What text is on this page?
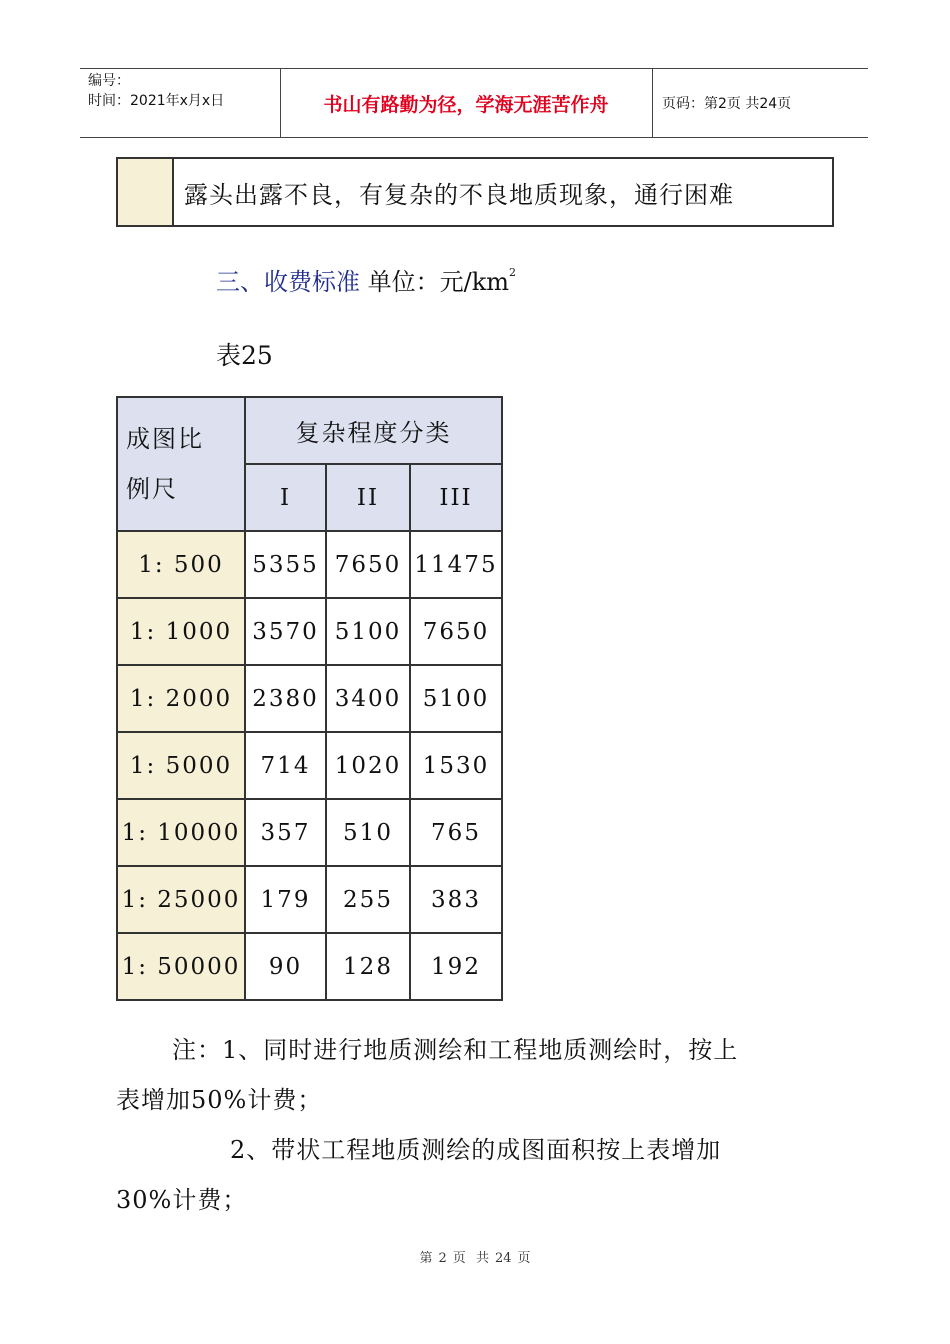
编号：
时间：2021年x月x日	书山有路勤为径，学海无涯苦作舟	页码：第2页 共24页
露头出露不良，有复杂的不良地质现象，通行困难
三、收费标准 单位：元$/km^2$
表25
成图比例尺	复杂程度分类		
	I	II	III
1: 500	5355	7650	11475
1: 1000	3570	5100	7650
1: 2000	2380	3400	5100
1: 5000	714	1020	1530
1: 10000	357	510	765
1: 25000	179	255	383
1: 50000	90	128	192
注：1、同时进行地质测绘和工程地质测绘时，按上
表增加50%计费；
2、带状工程地质测绘的成图面积按上表增加
30%计费；
第 2 页 共 24 页
